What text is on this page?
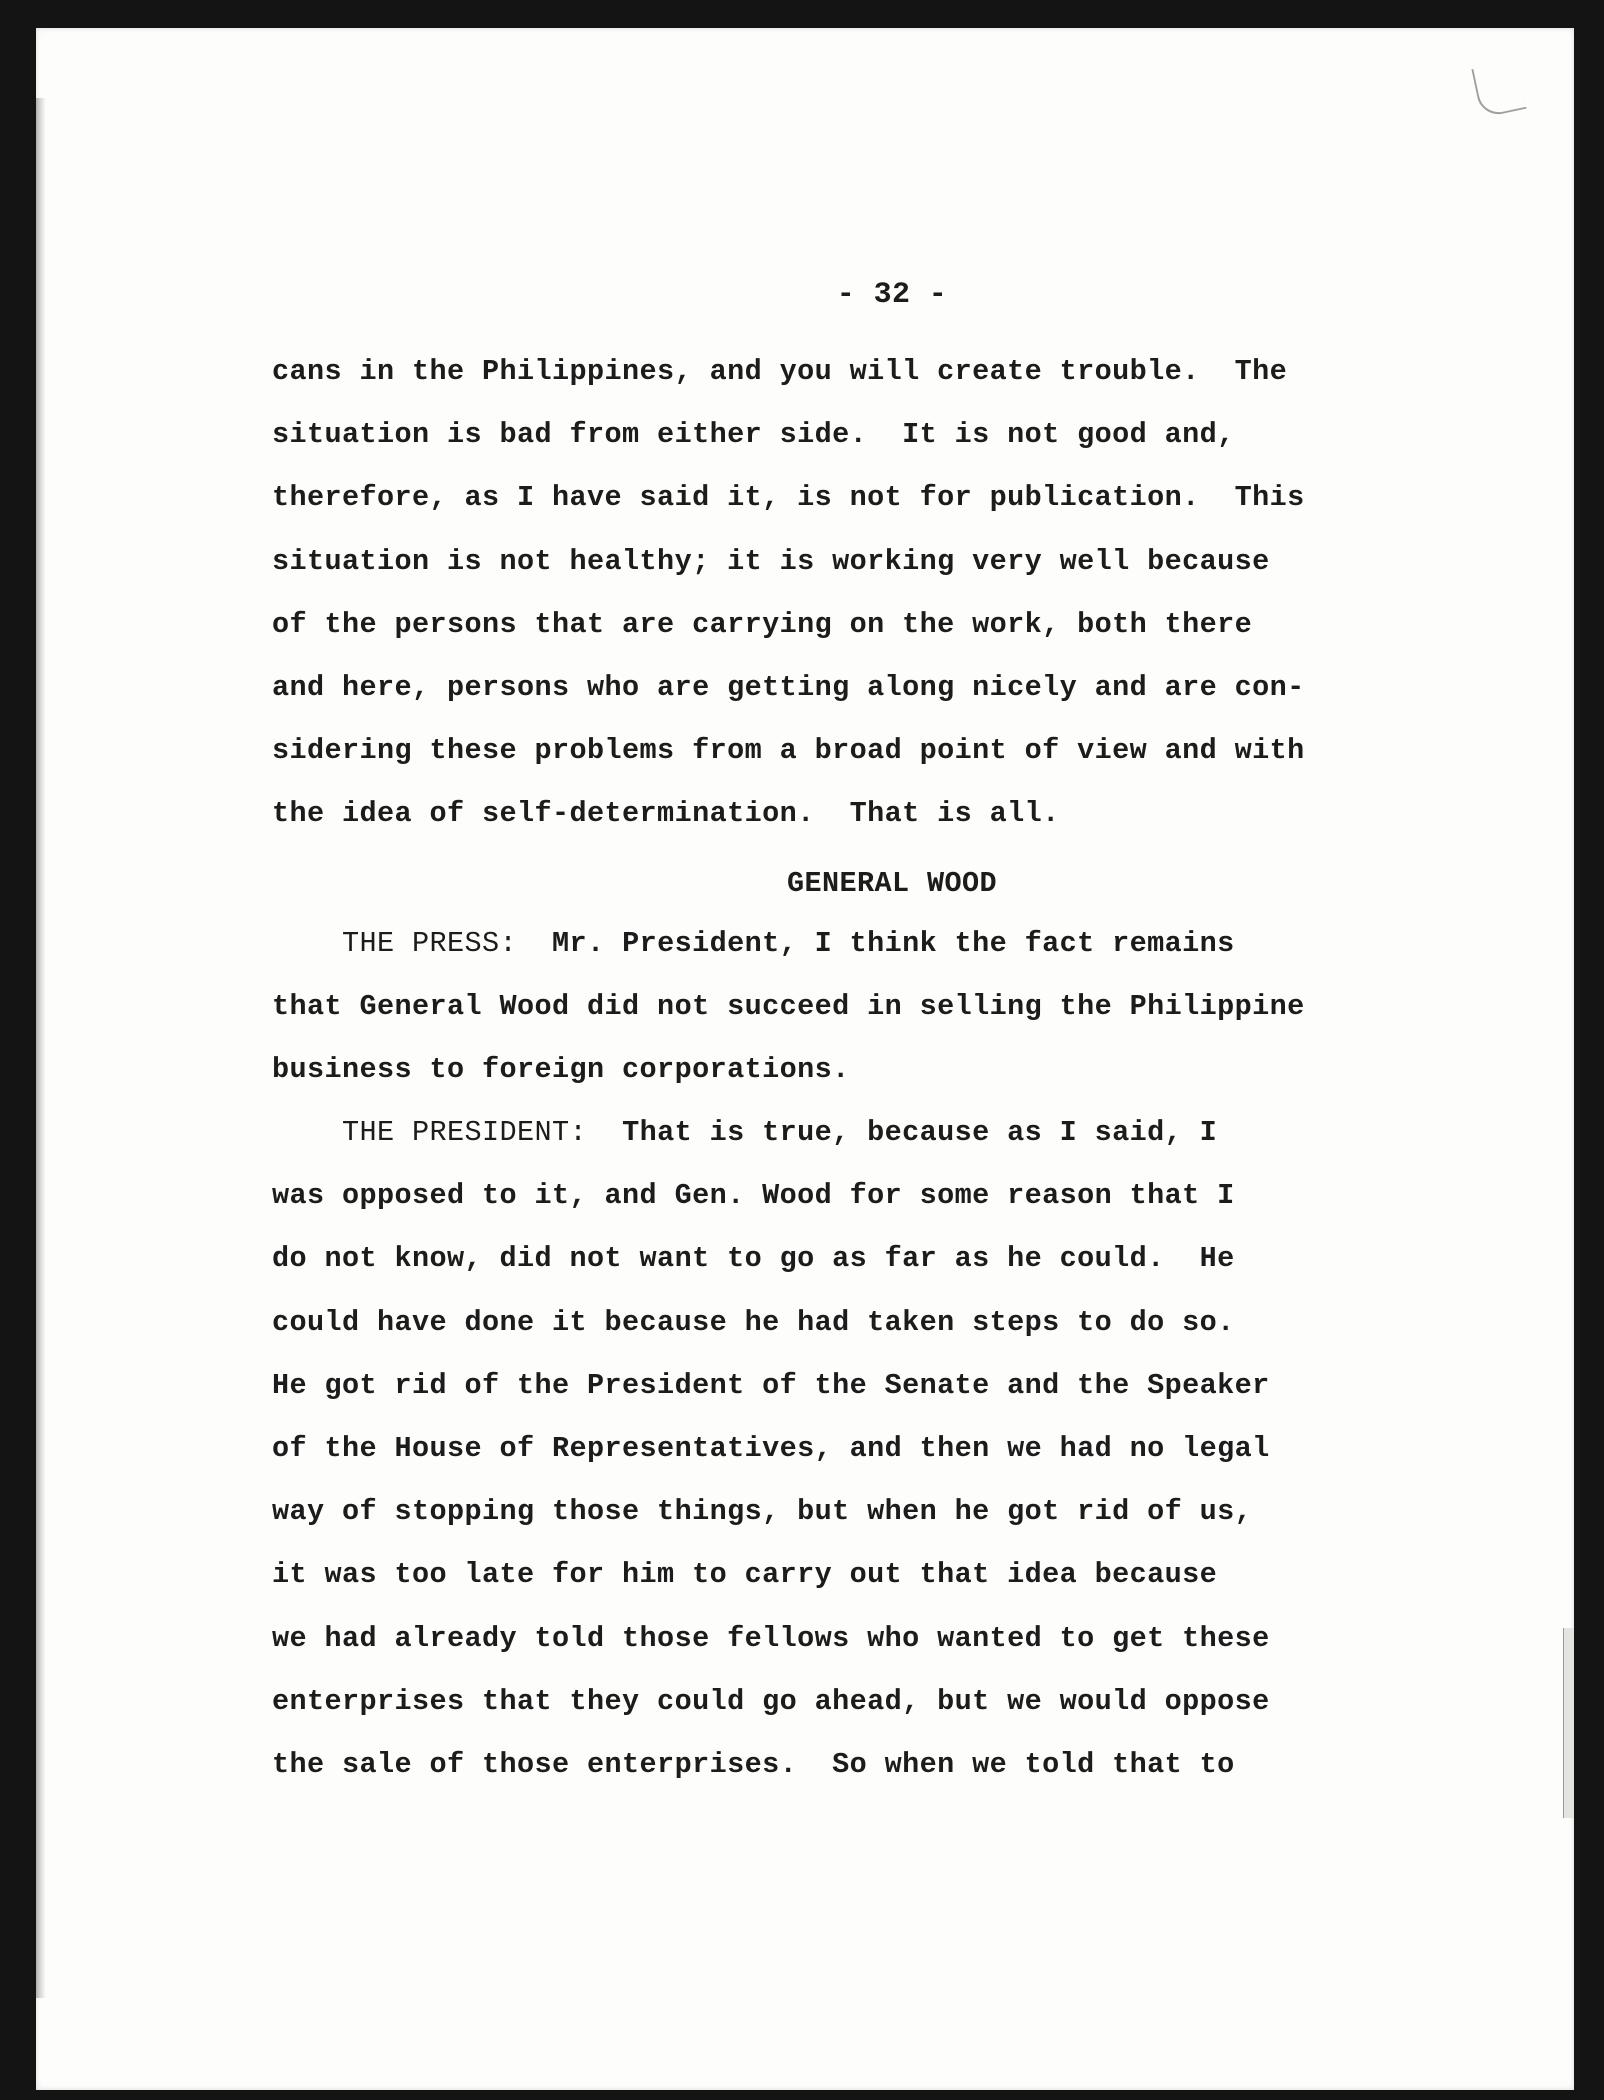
- 32 -
cans in the Philippines, and you will create trouble.  The
situation is bad from either side.  It is not good and,
therefore, as I have said it, is not for publication.  This
situation is not healthy; it is working very well because
of the persons that are carrying on the work, both there
and here, persons who are getting along nicely and are con-
sidering these problems from a broad point of view and with
the idea of self-determination.  That is all.
GENERAL WOOD
THE PRESS:  Mr. President, I think the fact remains
that General Wood did not succeed in selling the Philippine
business to foreign corporations.
THE PRESIDENT:  That is true, because as I said, I
was opposed to it, and Gen. Wood for some reason that I
do not know, did not want to go as far as he could.  He
could have done it because he had taken steps to do so.
He got rid of the President of the Senate and the Speaker
of the House of Representatives, and then we had no legal
way of stopping those things, but when he got rid of us,
it was too late for him to carry out that idea because
we had already told those fellows who wanted to get these
enterprises that they could go ahead, but we would oppose
the sale of those enterprises.  So when we told that to
